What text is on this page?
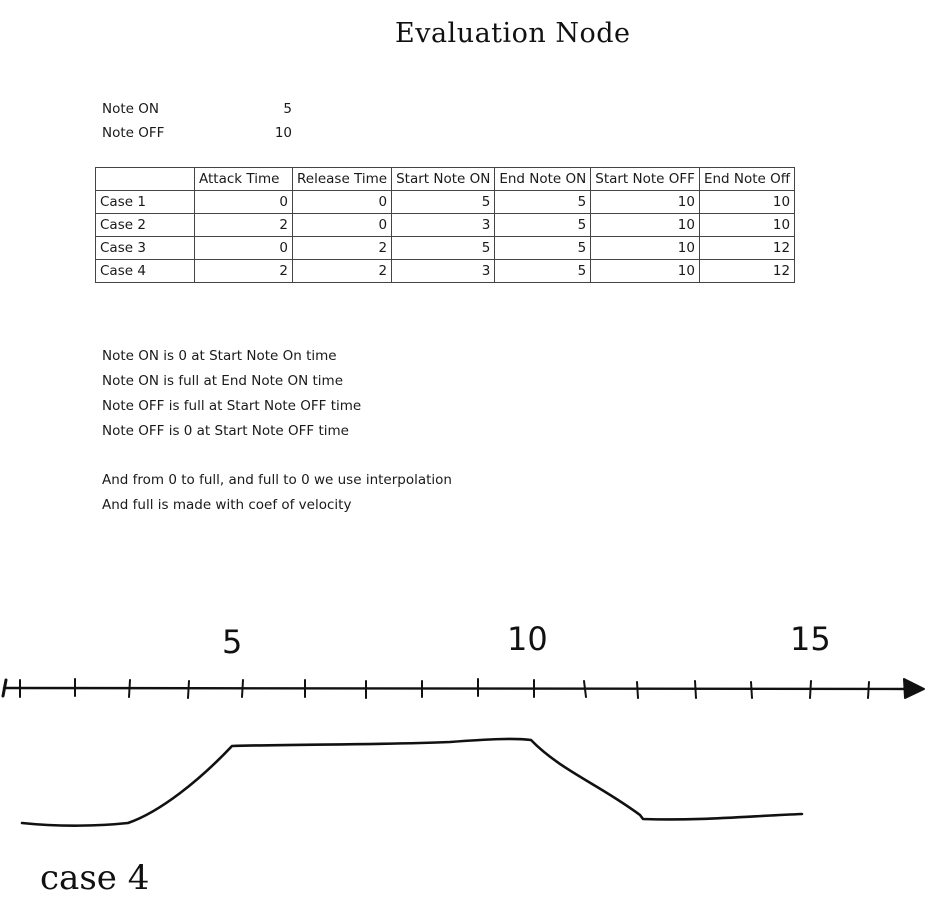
Evaluation Node
Note ON	5
Note OFF	10
	Attack Time	Release Time	Start Note ON	End Note ON	Start Note OFF	End Note Off
Case 1	0	0	5	5	10	10
Case 2	2	0	3	5	10	10
Case 3	0	2	5	5	10	12
Case 4	2	2	3	5	10	12
Note ON is 0 at Start Note On time
Note ON is full at End Note ON time
Note OFF is full at Start Note OFF time
Note OFF is 0 at Start Note OFF time
And from 0 to full, and full to 0 we use interpolation
And full is made with coef of velocity
5	10	15
case 4
